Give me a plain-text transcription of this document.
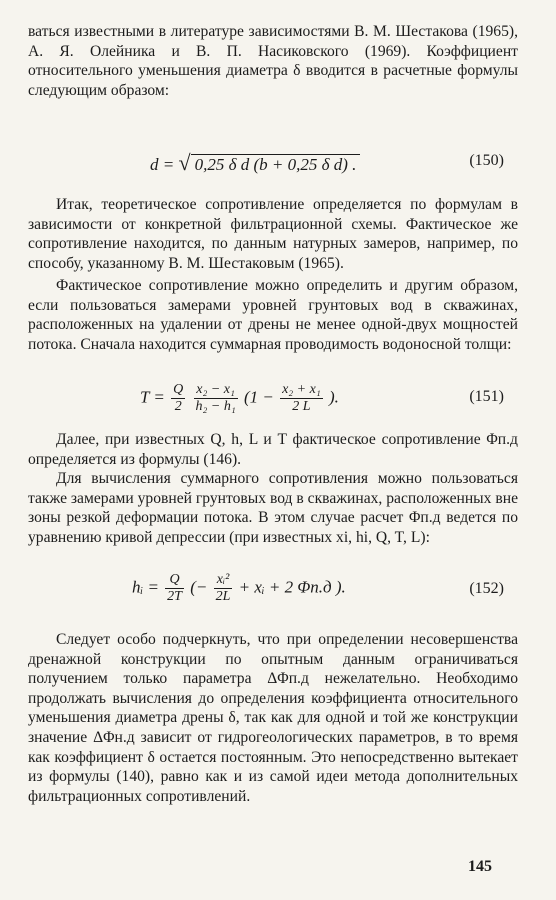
ваться известными в литературе зависимостями В. М. Шестакова (1965), А. Я. Олейника и В. П. Насиковского (1969). Коэффициент относительного уменьшения диаметра δ вводится в расчетные формулы следующим образом:

d = √ 0,25 δ d (b + 0,25 δ d) .	(150)

Итак, теоретическое сопротивление определяется по формулам в зависимости от конкретной фильтрационной схемы. Фактическое же сопротивление находится, по данным натурных замеров, например, по способу, указанному В. М. Шестаковым (1965).

Фактическое сопротивление можно определить и другим образом, если пользоваться замерами уровней грунтовых вод в скважинах, расположенных на удалении от дрены не менее одной-двух мощностей потока. Сначала находится суммарная проводимость водоносной толщи:

$T = \frac{Q}{2}$
$\frac{\text{x₂ − x₁}}{\text{h₂ − h₁}} (1 - \frac{\text{x₂ + x₁}}{2 L}$ ).	(151)

Далее, при известных Q, h, L и T фактическое сопротивление Φп.д определяется из формулы (146).

Для вычисления суммарного сопротивления можно пользоваться также замерами уровней грунтовых вод в скважинах, расположенных вне зоны резкой деформации потока. В этом случае расчет Φп.д ведется по уравнению кривой депрессии (при известных xi, hi, Q, T, L):

hᵢ = $\frac{Q}{2T}$ (− $\frac{\text{xᵢ²}}{2L}$ + xᵢ + 2 Φп.д ).	(152)

Следует особо подчеркнуть, что при определении несовершенства дренажной конструкции по опытным данным ограничиваться получением только параметра ΔΦп.д нежелательно. Необходимо продолжать вычисления до определения коэффициента относительного уменьшения диаметра дрены δ, так как для одной и той же конструкции значение ΔΦн.д зависит от гидрогеологических параметров, в то время как коэффициент δ остается постоянным. Это непосредственно вытекает из формулы (140), равно как и из самой идеи метода дополнительных фильтрационных сопротивлений.

145
